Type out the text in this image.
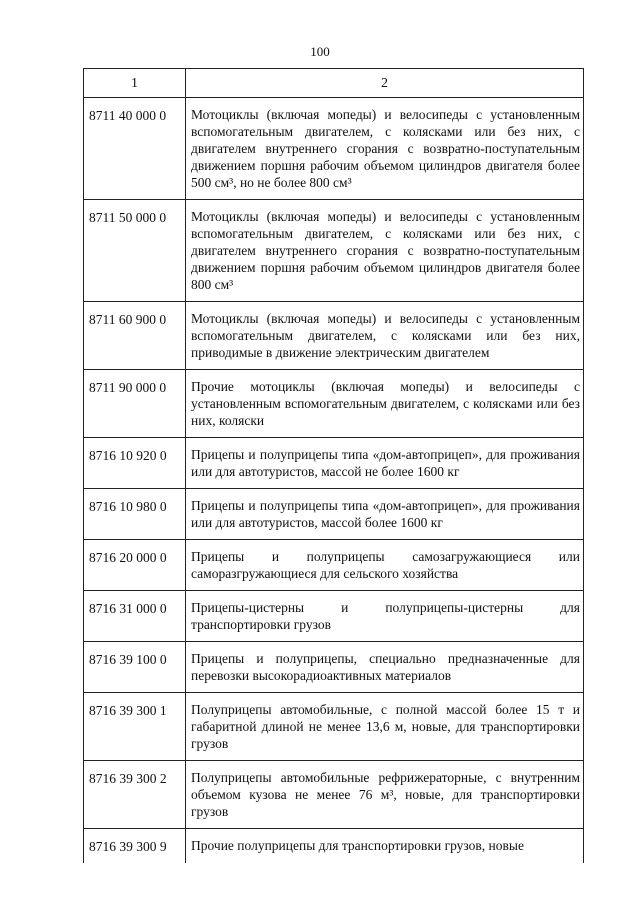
100
1	2
8711 40 000 0	Мотоциклы (включая мопеды) и велосипеды с установленным вспомогательным двигателем, с колясками или без них, с двигателем внутреннего сгорания с возвратно-поступательным движением поршня рабочим объемом цилиндров двигателя более 500 см³, но не более 800 см³
8711 50 000 0	Мотоциклы (включая мопеды) и велосипеды с установленным вспомогательным двигателем, с колясками или без них, с двигателем внутреннего сгорания с возвратно-поступательным движением поршня рабочим объемом цилиндров двигателя более 800 см³
8711 60 900 0	Мотоциклы (включая мопеды) и велосипеды с установленным вспомогательным двигателем, с колясками или без них, приводимые в движение электрическим двигателем
8711 90 000 0	Прочие мотоциклы (включая мопеды) и велосипеды с установленным вспомогательным двигателем, с колясками или без них, коляски
8716 10 920 0	Прицепы и полуприцепы типа «дом-автоприцеп», для проживания или для автотуристов, массой не более 1600 кг
8716 10 980 0	Прицепы и полуприцепы типа «дом-автоприцеп», для проживания или для автотуристов, массой более 1600 кг
8716 20 000 0	Прицепы и полуприцепы самозагружающиеся или саморазгружающиеся для сельского хозяйства
8716 31 000 0	Прицепы-цистерны и полуприцепы-цистерны для транспортировки грузов
8716 39 100 0	Прицепы и полуприцепы, специально предназначенные для перевозки высокорадиоактивных материалов
8716 39 300 1	Полуприцепы автомобильные, с полной массой более 15 т и габаритной длиной не менее 13,6 м, новые, для транспортировки грузов
8716 39 300 2	Полуприцепы автомобильные рефрижераторные, с внутренним объемом кузова не менее 76 м³, новые, для транспортировки грузов
8716 39 300 9	Прочие полуприцепы для транспортировки грузов, новые
